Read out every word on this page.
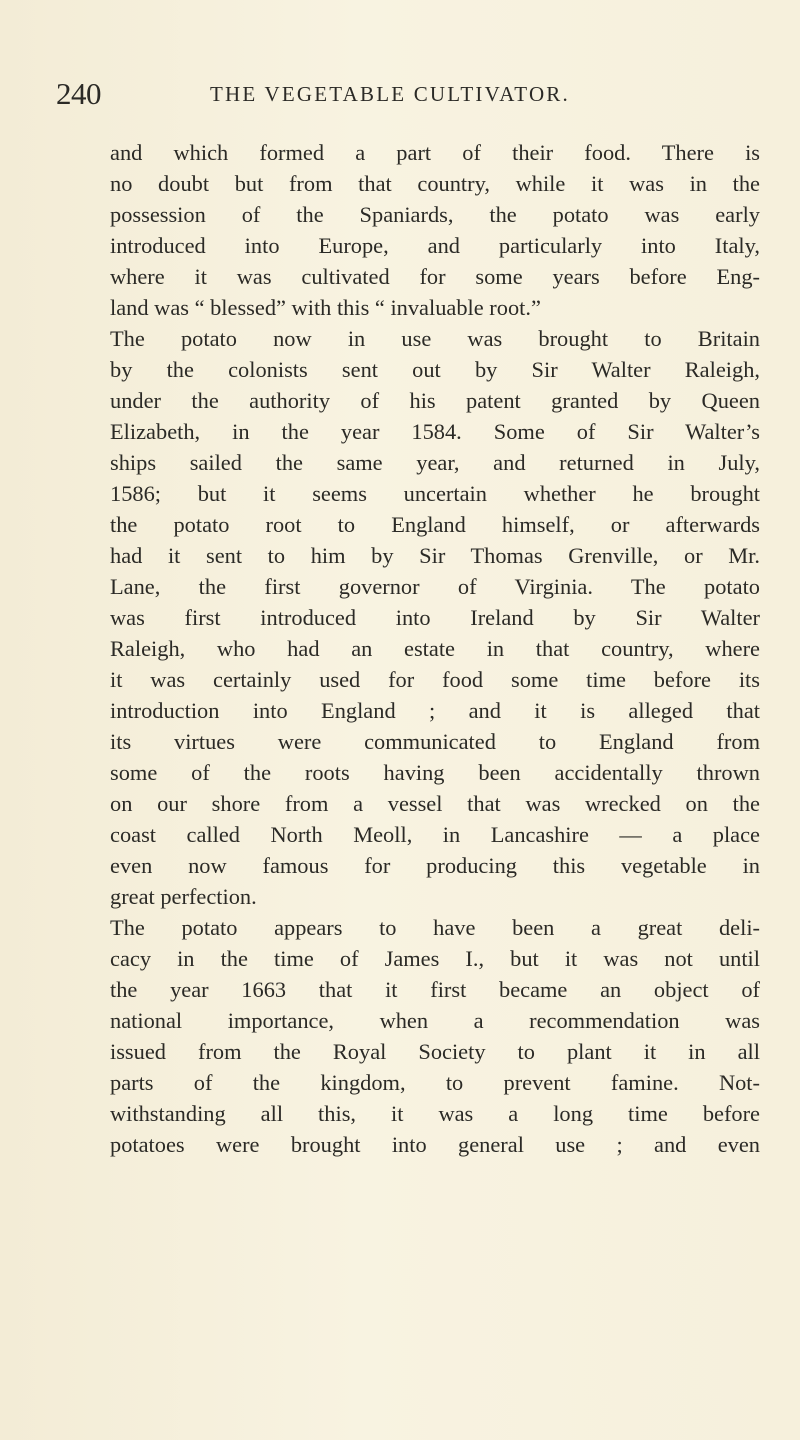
240	THE VEGETABLE CULTIVATOR.
and which formed a part of their food. There is
no doubt but from that country, while it was in the
possession of the Spaniards, the potato was early
introduced into Europe, and particularly into Italy,
where it was cultivated for some years before Eng-
land was “ blessed” with this “ invaluable root.”
The potato now in use was brought to Britain
by the colonists sent out by Sir Walter Raleigh,
under the authority of his patent granted by Queen
Elizabeth, in the year 1584. Some of Sir Walter’s
ships sailed the same year, and returned in July,
1586; but it seems uncertain whether he brought
the potato root to England himself, or afterwards
had it sent to him by Sir Thomas Grenville, or Mr.
Lane, the first governor of Virginia. The potato
was first introduced into Ireland by Sir Walter
Raleigh, who had an estate in that country, where
it was certainly used for food some time before its
introduction into England ; and it is alleged that
its virtues were communicated to England from
some of the roots having been accidentally thrown
on our shore from a vessel that was wrecked on the
coast called North Meoll, in Lancashire — a place
even now famous for producing this vegetable in
great perfection.
The potato appears to have been a great deli-
cacy in the time of James I., but it was not until
the year 1663 that it first became an object of
national importance, when a recommendation was
issued from the Royal Society to plant it in all
parts of the kingdom, to prevent famine. Not-
withstanding all this, it was a long time before
potatoes were brought into general use ; and even
